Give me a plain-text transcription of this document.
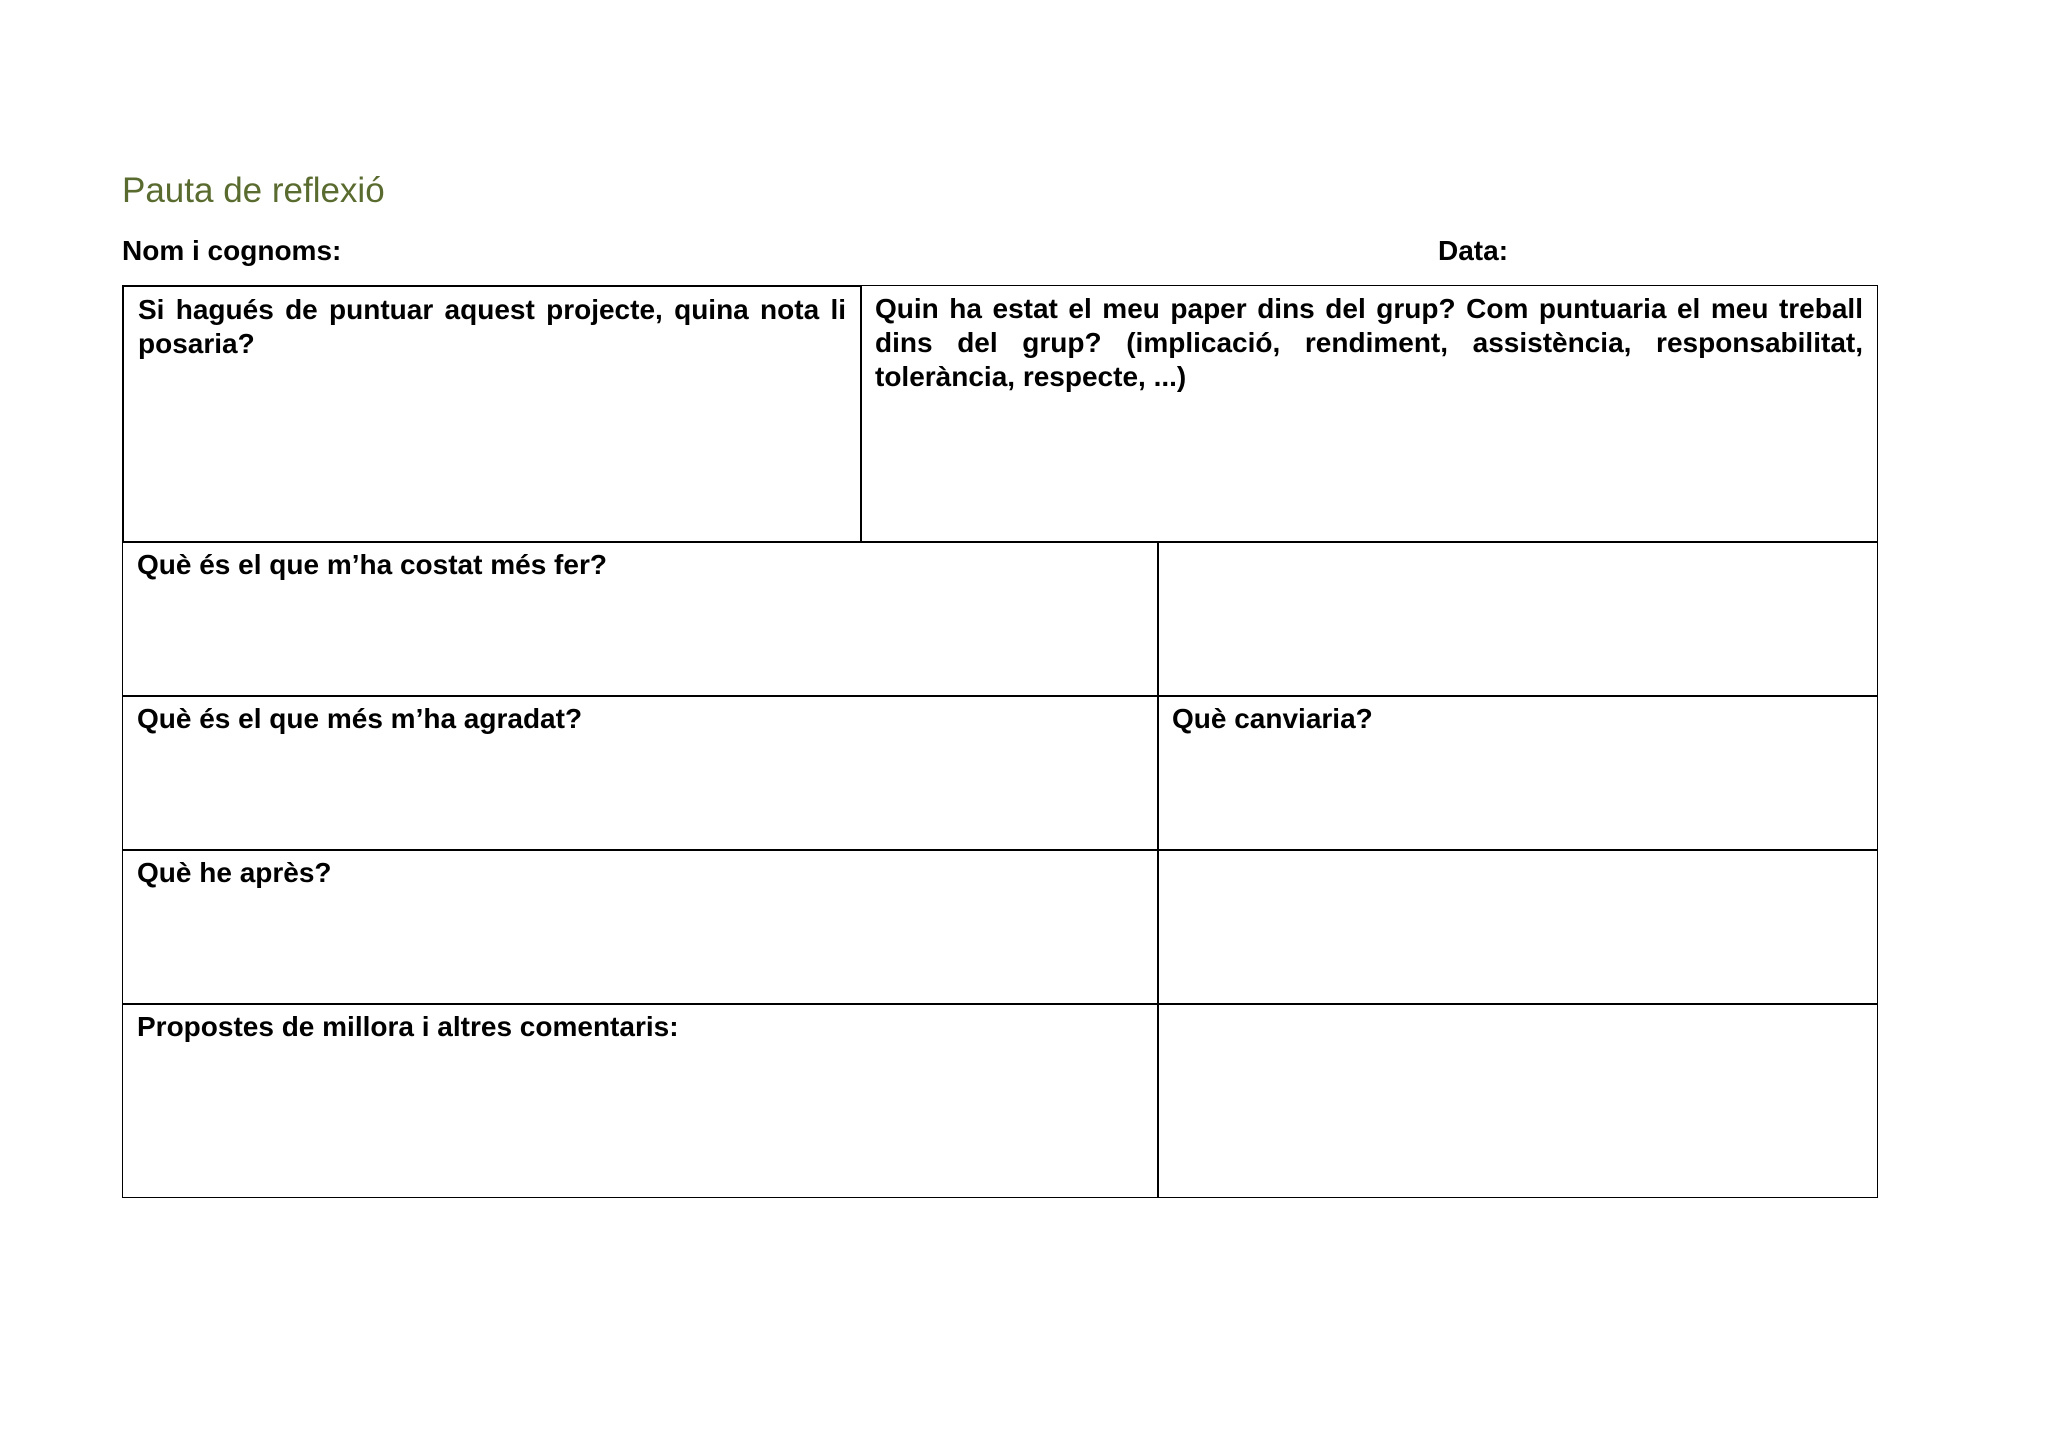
Pauta de reflexió
Nom i cognoms:	Data:
Si hagués de puntuar aquest projecte, quina nota li posaria?
Quin ha estat el meu paper dins del grup? Com puntuaria el meu treball dins del grup? (implicació, rendiment, assistència, responsabilitat, tolerància, respecte, ...)
Què és el que m’ha costat més fer?
Què és el que més m’ha agradat?	Què canviaria?
Què he après?
Propostes de millora i altres comentaris:
